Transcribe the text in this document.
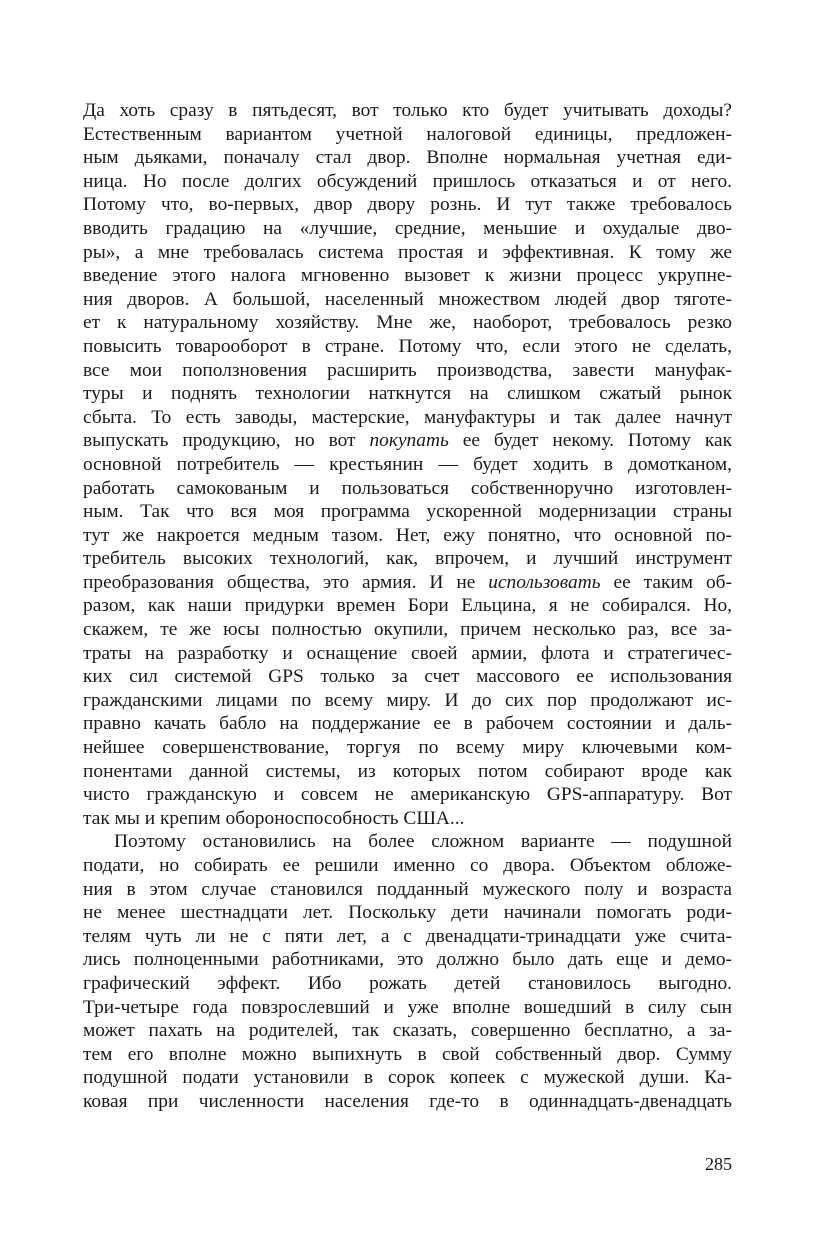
Да хоть сразу в пятьдесят, вот только кто будет учитывать доходы?
Естественным вариантом учетной налоговой единицы, предложен-
ным дьяками, поначалу стал двор. Вполне нормальная учетная еди-
ница. Но после долгих обсуждений пришлось отказаться и от него.
Потому что, во-первых, двор двору рознь. И тут также требовалось
вводить градацию на «лучшие, средние, меньшие и охудалые дво-
ры», а мне требовалась система простая и эффективная. К тому же
введение этого налога мгновенно вызовет к жизни процесс укрупне-
ния дворов. А большой, населенный множеством людей двор тяготе-
ет к натуральному хозяйству. Мне же, наоборот, требовалось резко
повысить товарооборот в стране. Потому что, если этого не сделать,
все мои поползновения расширить производства, завести мануфак-
туры и поднять технологии наткнутся на слишком сжатый рынок
сбыта. То есть заводы, мастерские, мануфактуры и так далее начнут
выпускать продукцию, но вот покупать ее будет некому. Потому как
основной потребитель — крестьянин — будет ходить в домотканом,
работать самокованым и пользоваться собственноручно изготовлен-
ным. Так что вся моя программа ускоренной модернизации страны
тут же накроется медным тазом. Нет, ежу понятно, что основной по-
требитель высоких технологий, как, впрочем, и лучший инструмент
преобразования общества, это армия. И не использовать ее таким об-
разом, как наши придурки времен Бори Ельцина, я не собирался. Но,
скажем, те же юсы полностью окупили, причем несколько раз, все за-
траты на разработку и оснащение своей армии, флота и стратегичес-
ких сил системой GPS только за счет массового ее использования
гражданскими лицами по всему миру. И до сих пор продолжают ис-
правно качать бабло на поддержание ее в рабочем состоянии и даль-
нейшее совершенствование, торгуя по всему миру ключевыми ком-
понентами данной системы, из которых потом собирают вроде как
чисто гражданскую и совсем не американскую GPS-аппаратуру. Вот
так мы и крепим обороноспособность США...
Поэтому остановились на более сложном варианте — подушной
подати, но собирать ее решили именно со двора. Объектом обложе-
ния в этом случае становился подданный мужеского полу и возраста
не менее шестнадцати лет. Поскольку дети начинали помогать роди-
телям чуть ли не с пяти лет, а с двенадцати-тринадцати уже счита-
лись полноценными работниками, это должно было дать еще и демо-
графический эффект. Ибо рожать детей становилось выгодно.
Три-четыре года повзрослевший и уже вполне вошедший в силу сын
может пахать на родителей, так сказать, совершенно бесплатно, а за-
тем его вполне можно выпихнуть в свой собственный двор. Сумму
подушной подати установили в сорок копеек с мужеской души. Ка-
ковая при численности населения где-то в одиннадцать-двенадцать
285
